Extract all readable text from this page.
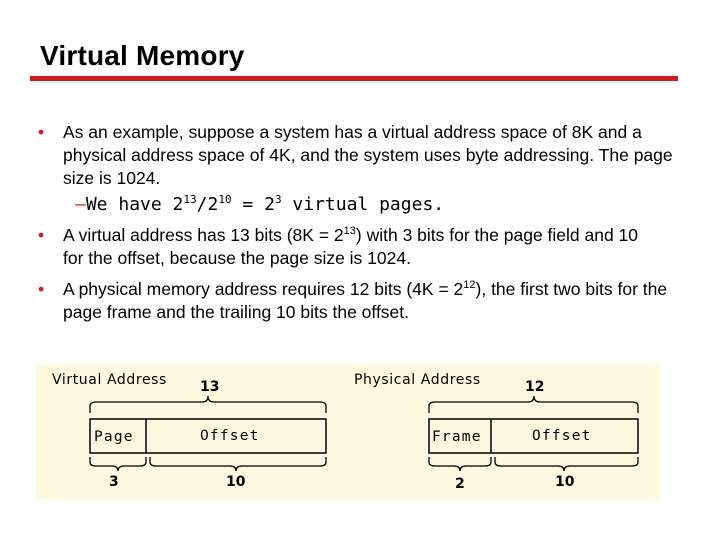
Virtual Memory
• As an example, suppose a system has a virtual address space of 8K and a physical address space of 4K, and the system uses byte addressing. The page size is 1024.
—We have $2^{13}/2^{10} = 2^3$ virtual pages.
• A virtual address has 13 bits $(8K = 2^{13})$ with 3 bits for the page field and 10 for the offset, because the page size is 1024.
• A physical memory address requires 12 bits $(4K = 2^{12})$, the first two bits for the page frame and the trailing 10 bits the offset.
Virtual Address 13
Page	Offset
3	10
Physical Address	12
Frame	Offset
2	10
